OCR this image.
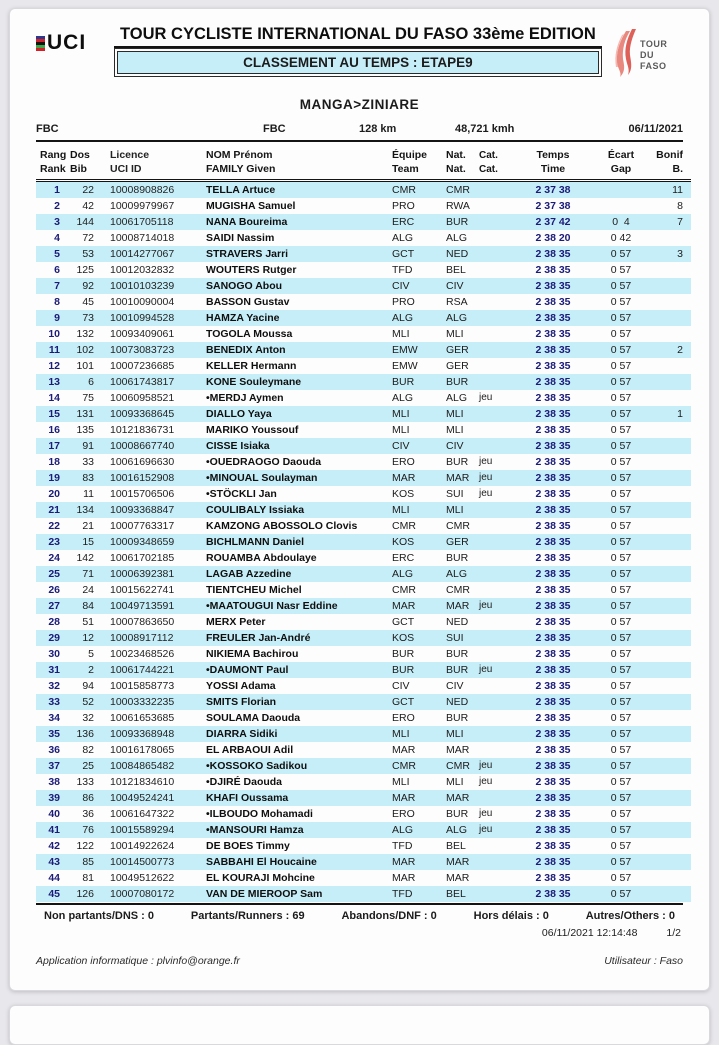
UCI	TOUR CYCLISTE INTERNATIONAL DU FASO 33ème EDITION
CLASSEMENT AU TEMPS : ETAPE9
TOUR
DU
FASO
MANGA>ZINIARE
FBC	FBC	128 km	48,721 kmh	06/11/2021
Rang	Dos	Licence	NOM Prénom	Équipe	Nat.	Cat.	Temps	Écart	Bonif
Rank	Bib	UCI ID	FAMILY Given	Team	Nat.	Cat.	Time	Gap	B.
1	22	10008908826	TELLA Artuce	CMR	CMR		2 37 38		11
2	42	10009979967	MUGISHA Samuel	PRO	RWA		2 37 38		8
3	144	10061705118	NANA Boureima	ERC	BUR		2 37 42	0  4	7
4	72	10008714018	SAIDI Nassim	ALG	ALG		2 38 20	0 42	
5	53	10014277067	STRAVERS Jarri	GCT	NED		2 38 35	0 57	3
6	125	10012032832	WOUTERS Rutger	TFD	BEL		2 38 35	0 57	
7	92	10010103239	SANOGO Abou	CIV	CIV		2 38 35	0 57	
8	45	10010090004	BASSON Gustav	PRO	RSA		2 38 35	0 57	
9	73	10010994528	HAMZA Yacine	ALG	ALG		2 38 35	0 57	
10	132	10093409061	TOGOLA Moussa	MLI	MLI		2 38 35	0 57	
11	102	10073083723	BENEDIX Anton	EMW	GER		2 38 35	0 57	2
12	101	10007236685	KELLER Hermann	EMW	GER		2 38 35	0 57	
13	6	10061743817	KONE Souleymane	BUR	BUR		2 38 35	0 57	
14	75	10060958521	•MERDJ Aymen	ALG	ALG	jeu	2 38 35	0 57	
15	131	10093368645	DIALLO Yaya	MLI	MLI		2 38 35	0 57	1
16	135	10121836731	MARIKO Youssouf	MLI	MLI		2 38 35	0 57	
17	91	10008667740	CISSE Isiaka	CIV	CIV		2 38 35	0 57	
18	33	10061696630	•OUEDRAOGO Daouda	ERO	BUR	jeu	2 38 35	0 57	
19	83	10016152908	•MINOUAL Soulayman	MAR	MAR	jeu	2 38 35	0 57	
20	11	10015706506	•STÖCKLI Jan	KOS	SUI	jeu	2 38 35	0 57	
21	134	10093368847	COULIBALY Issiaka	MLI	MLI		2 38 35	0 57	
22	21	10007763317	KAMZONG ABOSSOLO Clovis	CMR	CMR		2 38 35	0 57	
23	15	10009348659	BICHLMANN Daniel	KOS	GER		2 38 35	0 57	
24	142	10061702185	ROUAMBA Abdoulaye	ERC	BUR		2 38 35	0 57	
25	71	10006392381	LAGAB Azzedine	ALG	ALG		2 38 35	0 57	
26	24	10015622741	TIENTCHEU Michel	CMR	CMR		2 38 35	0 57	
27	84	10049713591	•MAATOUGUI Nasr Eddine	MAR	MAR	jeu	2 38 35	0 57	
28	51	10007863650	MERX Peter	GCT	NED		2 38 35	0 57	
29	12	10008917112	FREULER Jan-André	KOS	SUI		2 38 35	0 57	
30	5	10023468526	NIKIEMA Bachirou	BUR	BUR		2 38 35	0 57	
31	2	10061744221	•DAUMONT Paul	BUR	BUR	jeu	2 38 35	0 57	
32	94	10015858773	YOSSI Adama	CIV	CIV		2 38 35	0 57	
33	52	10003332235	SMITS Florian	GCT	NED		2 38 35	0 57	
34	32	10061653685	SOULAMA Daouda	ERO	BUR		2 38 35	0 57	
35	136	10093368948	DIARRA Sidiki	MLI	MLI		2 38 35	0 57	
36	82	10016178065	EL ARBAOUI Adil	MAR	MAR		2 38 35	0 57	
37	25	10084865482	•KOSSOKO Sadikou	CMR	CMR	jeu	2 38 35	0 57	
38	133	10121834610	•DJIRÉ Daouda	MLI	MLI	jeu	2 38 35	0 57	
39	86	10049524241	KHAFI Oussama	MAR	MAR		2 38 35	0 57	
40	36	10061647322	•ILBOUDO Mohamadi	ERO	BUR	jeu	2 38 35	0 57	
41	76	10015589294	•MANSOURI Hamza	ALG	ALG	jeu	2 38 35	0 57	
42	122	10014922624	DE BOES Timmy	TFD	BEL		2 38 35	0 57	
43	85	10014500773	SABBAHI El Houcaine	MAR	MAR		2 38 35	0 57	
44	81	10049512622	EL KOURAJI Mohcine	MAR	MAR		2 38 35	0 57	
45	126	10007080172	VAN DE MIEROOP Sam	TFD	BEL		2 38 35	0 57	
Non partants/DNS : 0	Partants/Runners : 69	Abandons/DNF : 0	Hors délais : 0	Autres/Others : 0
06/11/2021 12:14:48	1/2
Application informatique : plvinfo@orange.fr	Utilisateur : Faso
